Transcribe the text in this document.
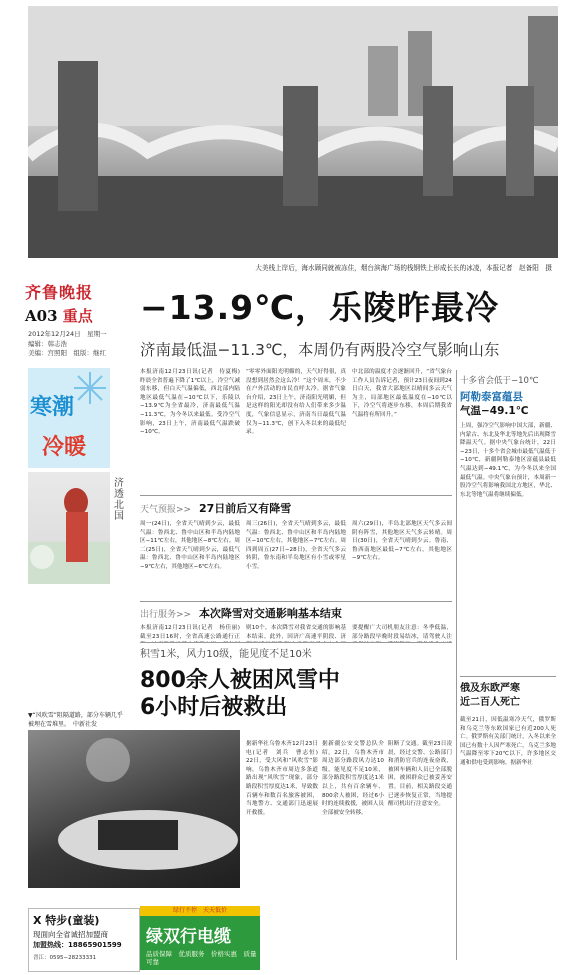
大美栈上岸后，海水顾同就被冻住，烟台滨海广场的栈钢铁上形成长长的冰凌，本报记者　赵备阳　摄
齐鲁晚报
A03 重点
2012年12月24日　星期一
编辑：韩志浩
美编：宫照阳　组版：继红
寒潮
冷暖
济透北国
−13.9℃，乐陵昨最冷
济南最低温−11.3℃，本周仍有两股冷空气影响山东
本报济南12月23日讯(记者　侍夏梅)　昨晨全省普遍下降了1℃以上，冷空气减弱东移，但白天气温偏低，西北部内陆地区最低气温在−10℃以下，乐陵以−13.9℃为全省最冷，济南最低气温−11.3℃，为今冬以来最低。受冷空气影响，23日上午，济南最低气温跌破−10℃。
“零零外面阳光明媚的，天气好得很，真没想到居然会这么冷！”这个周末，不少在户外活动的市民直呼太冷。据省气象台介绍，23日上午，济南阳光明媚，但是这样的阳光却没有给人们带来多少温度，气象信息显示，济南当日最低气温仅为−11.3℃，创下入冬以来的最低纪录。
中北部的温度才会逐渐回升，“省气象台工作人员告诉记者，预计23日夜间到24日白天，我省大部地区以晴间多云天气为主，局部地区最低温度在−10℃以下，冷空气将逐步东移，本周后期我省气温将有所回升。”
天气预报>> 27日前后又有降雪
周一(24日)，全省天气晴到少云，最低气温：鲁西北、鲁中山区和半岛内陆地区−11℃左右，其他地区−8℃左右。周二(25日)，全省天气晴到少云，最低气温：鲁西北、鲁中山区和半岛内陆地区−9℃左右，其他地区−6℃左右。
周三(26日)，全省天气晴到多云，最低气温：鲁西北、鲁中山区和半岛内陆地区−10℃左右，其他地区−7℃左右。周四到周五(27日−28日)，全省天气多云转阴，鲁东南和半岛地区有小雪或零星小雪。
周六(29日)，半岛北部地区天气多云间阴有阵雪，其他地区天气多云转晴。周日(30日)，全省天气晴到少云。鲁南、鲁西南地区最低−7℃左右，其他地区−9℃左右。
出行服务>> 本次降雪对交通影响基本结束
本报济南12月23日讯(记者　杨佳丽)　截至23日16时，全省高速公路通行正
则10个，本次降雪对我省交通的影响基本结束。此外，因济广高速平阴段、济
要提醒广大司机朋友注意：冬季低温，部分路段早晚时段易结冰，请驾驶人注
十多省会低于−10℃
阿勒泰富蕴县
气温−49.1℃
上周，强冷空气影响中国大部，新疆、内蒙古、东北及华北等地先后出现降雪降温天气。据中央气象台统计，22日−23日，十多个省会城市最低气温低于−10℃，新疆阿勒泰地区富蕴县最低气温达到−49.1℃，为今冬以来全国最低气温。中央气象台预计，本周新一股冷空气将影响我国北方地区，华北、东北等地气温将继续偏低。
俄及东欧严寒
近二百人死亡
截至21日，因低温寒冷天气，俄罗斯和乌克兰等东欧国家已有近200人死亡。俄罗斯有关部门统计，入冬以来全国已有数十人因严寒死亡，乌克兰多地气温降至零下20℃以下，许多地区交通和供电受到影响。据新华社
积雪1米，风力10级，能见度不足10米
800余人被困风雪中
6小时后被救出
▼“风吹雪”阻隔道路，部分车辆几乎被埋在雪堆里。　中新社发
据新华社乌鲁木齐12月23日电(记者　刘兵　曹志恒)　22日，受大风和“风吹雪”影响，乌鲁木齐市周边多条道路出现“风吹雪”现象，部分路段积雪厚度达1米，导致数百辆车和数百名旅客被困，当地警方、交通部门迅速展开救援。
据新疆公安交警总队介绍，22日，乌鲁木齐市周边部分路段风力达10级，能见度不足10米，部分路段积雪厚度达1米以上，共有百余辆车、800余人被困，经过6小时的连续救援，被困人员全部被安全转移。
阻断了交通。截至23日凌晨，经过交警、公路部门和消防官兵的连夜奋战，被困车辆和人员已全部脱困，被困群众已被妥善安置。目前，相关路段交通已逐步恢复正常，当地提醒司机出行注意安全。
X 特步(童装)
现面向全省诚招加盟商
加盟热线：18865901599
晋江：0595−28233331
绿行不停　天天低价
绿双行电缆
品质保障　优质服务　价格实惠　质量可靠
